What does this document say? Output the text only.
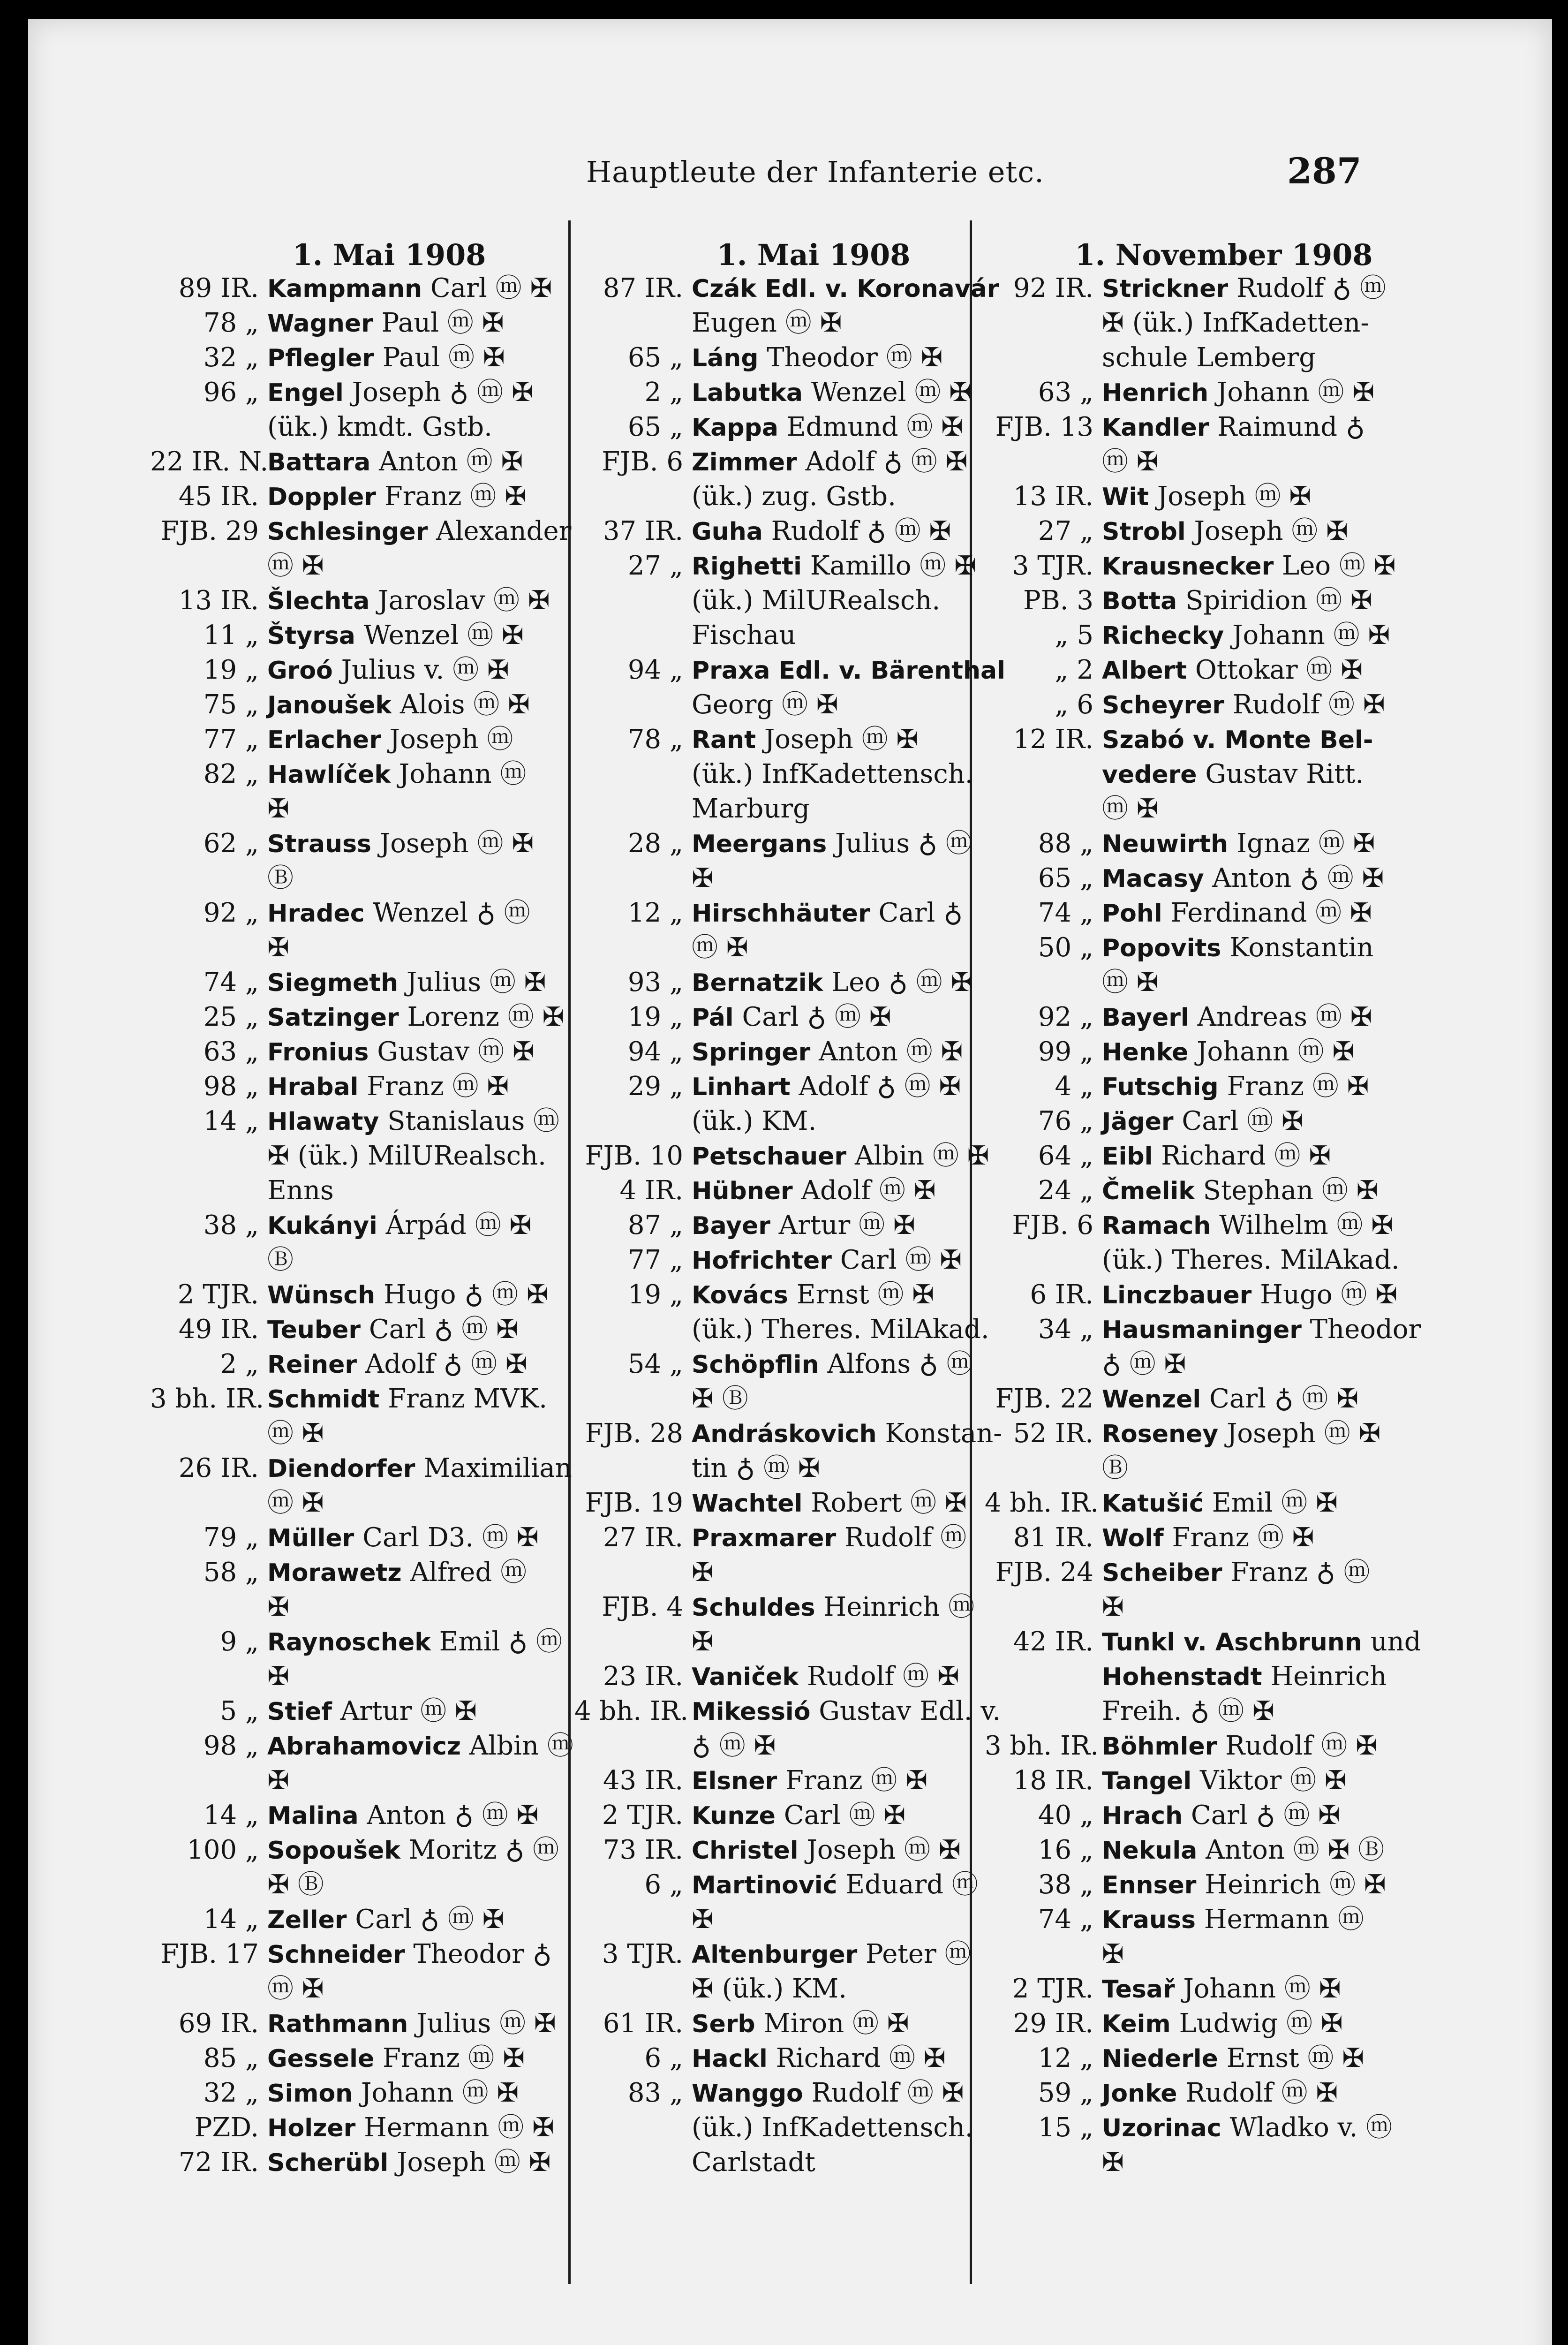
Hauptleute der Infanterie etc.	287
1. Mai 1908
89 IR. Kampmann Carl ⓜ ✠
78 „ Wagner Paul ⓜ ✠
32 „ Pflegler Paul ⓜ ✠
96 „ Engel Joseph ♁ ⓜ ✠
(ük.) kmdt. Gstb.
22 IR. N.
Battara Anton ⓜ ✠
45 IR. Doppler Franz ⓜ ✠
FJB. 29 Schlesinger Alexander
ⓜ ✠
13 IR. Šlechta Jaroslav ⓜ ✠
11 „ Štyrsa Wenzel ⓜ ✠
19 „ Groó Julius v. ⓜ ✠
75 „ Janoušek Alois ⓜ ✠
77 „ Erlacher Joseph ⓜ
82 „ Hawlíček Johann ⓜ
✠
62 „ Strauss Joseph ⓜ ✠
Ⓑ
92 „ Hradec Wenzel ♁ ⓜ
✠
74 „ Siegmeth Julius ⓜ ✠
25 „ Satzinger Lorenz ⓜ ✠
63 „ Fronius Gustav ⓜ ✠
98 „ Hrabal Franz ⓜ ✠
14 „ Hlawaty Stanislaus ⓜ
✠ (ük.) MilURealsch.
Enns
38 „ Kukányi Árpád ⓜ ✠
Ⓑ
2 TJR. Wünsch Hugo ♁ ⓜ ✠
49 IR. Teuber Carl ♁ ⓜ ✠
2 „ Reiner Adolf ♁ ⓜ ✠
3 bh. IR. Schmidt Franz MVK.
ⓜ ✠
26 IR. Diendorfer Maximilian
ⓜ ✠
79 „ Müller Carl D3. ⓜ ✠
58 „ Morawetz Alfred ⓜ
✠
9 „ Raynoschek Emil ♁ ⓜ
✠
5 „ Stief Artur ⓜ ✠
98 „ Abrahamovicz Albin ⓜ
✠
14 „ Malina Anton ♁ ⓜ ✠
100 „ Sopoušek Moritz ♁ ⓜ
✠ Ⓑ
14 „ Zeller Carl ♁ ⓜ ✠
FJB. 17 Schneider Theodor ♁
ⓜ ✠
69 IR. Rathmann Julius ⓜ ✠
85 „ Gessele Franz ⓜ ✠
32 „ Simon Johann ⓜ ✠
PZD. Holzer Hermann ⓜ ✠
72 IR. Scherübl Joseph ⓜ ✠
1. Mai 1908
87 IR. Czák Edl. v. Koronavár
Eugen ⓜ ✠
65 „ Láng Theodor ⓜ ✠
2 „ Labutka Wenzel ⓜ ✠
65 „ Kappa Edmund ⓜ ✠
FJB. 6 Zimmer Adolf ♁ ⓜ ✠
(ük.) zug. Gstb.
37 IR. Guha Rudolf ♁ ⓜ ✠
27 „ Righetti Kamillo ⓜ ✠
(ük.) MilURealsch.
Fischau
94 „ Praxa Edl. v. Bärenthal
Georg ⓜ ✠
78 „ Rant Joseph ⓜ ✠
(ük.) InfKadettensch.
Marburg
28 „ Meergans Julius ♁ ⓜ
✠
12 „ Hirschhäuter Carl ♁
ⓜ ✠
93 „ Bernatzik Leo ♁ ⓜ ✠
19 „ Pál Carl ♁ ⓜ ✠
94 „ Springer Anton ⓜ ✠
29 „ Linhart Adolf ♁ ⓜ ✠
(ük.) KM.
FJB. 10 Petschauer Albin ⓜ ✠
4 IR. Hübner Adolf ⓜ ✠
87 „ Bayer Artur ⓜ ✠
77 „ Hofrichter Carl ⓜ ✠
19 „ Kovács Ernst ⓜ ✠
(ük.) Theres. MilAkad.
54 „ Schöpflin Alfons ♁ ⓜ
✠ Ⓑ
FJB. 28 Andráskovich Konstan-
tin ♁ ⓜ ✠
FJB. 19 Wachtel Robert ⓜ ✠
27 IR. Praxmarer Rudolf ⓜ
✠
FJB. 4 Schuldes Heinrich ⓜ
✠
23 IR. Vaniček Rudolf ⓜ ✠
4 bh. IR. Mikessió Gustav Edl. v.
♁ ⓜ ✠
43 IR. Elsner Franz ⓜ ✠
2 TJR. Kunze Carl ⓜ ✠
73 IR. Christel Joseph ⓜ ✠
6 „ Martinović Eduard ⓜ
✠
3 TJR. Altenburger Peter ⓜ
✠ (ük.) KM.
61 IR. Serb Miron ⓜ ✠
6 „ Hackl Richard ⓜ ✠
83 „ Wanggo Rudolf ⓜ ✠
(ük.) InfKadettensch.
Carlstadt
1. November 1908
92 IR. Strickner Rudolf ♁ ⓜ
✠ (ük.) InfKadetten-
schule Lemberg
63 „ Henrich Johann ⓜ ✠
FJB. 13 Kandler Raimund ♁
ⓜ ✠
13 IR. Wit Joseph ⓜ ✠
27 „ Strobl Joseph ⓜ ✠
3 TJR. Krausnecker Leo ⓜ ✠
PB. 3 Botta Spiridion ⓜ ✠
„ 5 Richecky Johann ⓜ ✠
„ 2 Albert Ottokar ⓜ ✠
„ 6 Scheyrer Rudolf ⓜ ✠
12 IR. Szabó v. Monte Bel-
vedere Gustav Ritt.
ⓜ ✠
88 „ Neuwirth Ignaz ⓜ ✠
65 „ Macasy Anton ♁ ⓜ ✠
74 „ Pohl Ferdinand ⓜ ✠
50 „ Popovits Konstantin
ⓜ ✠
92 „ Bayerl Andreas ⓜ ✠
99 „ Henke Johann ⓜ ✠
4 „ Futschig Franz ⓜ ✠
76 „ Jäger Carl ⓜ ✠
64 „ Eibl Richard ⓜ ✠
24 „ Čmelik Stephan ⓜ ✠
FJB. 6 Ramach Wilhelm ⓜ ✠
(ük.) Theres. MilAkad.
6 IR. Linczbauer Hugo ⓜ ✠
34 „ Hausmaninger Theodor
♁ ⓜ ✠
FJB. 22 Wenzel Carl ♁ ⓜ ✠
52 IR. Roseney Joseph ⓜ ✠
Ⓑ
4 bh. IR. Katušić Emil ⓜ ✠
81 IR. Wolf Franz ⓜ ✠
FJB. 24 Scheiber Franz ♁ ⓜ
✠
42 IR. Tunkl v. Aschbrunn und
Hohenstadt Heinrich
Freih. ♁ ⓜ ✠
3 bh. IR. Böhmler Rudolf ⓜ ✠
18 IR. Tangel Viktor ⓜ ✠
40 „ Hrach Carl ♁ ⓜ ✠
16 „ Nekula Anton ⓜ ✠ Ⓑ
38 „ Ennser Heinrich ⓜ ✠
74 „ Krauss Hermann ⓜ
✠
2 TJR. Tesař Johann ⓜ ✠
29 IR. Keim Ludwig ⓜ ✠
12 „ Niederle Ernst ⓜ ✠
59 „ Jonke Rudolf ⓜ ✠
15 „ Uzorinac Wladko v. ⓜ
✠
